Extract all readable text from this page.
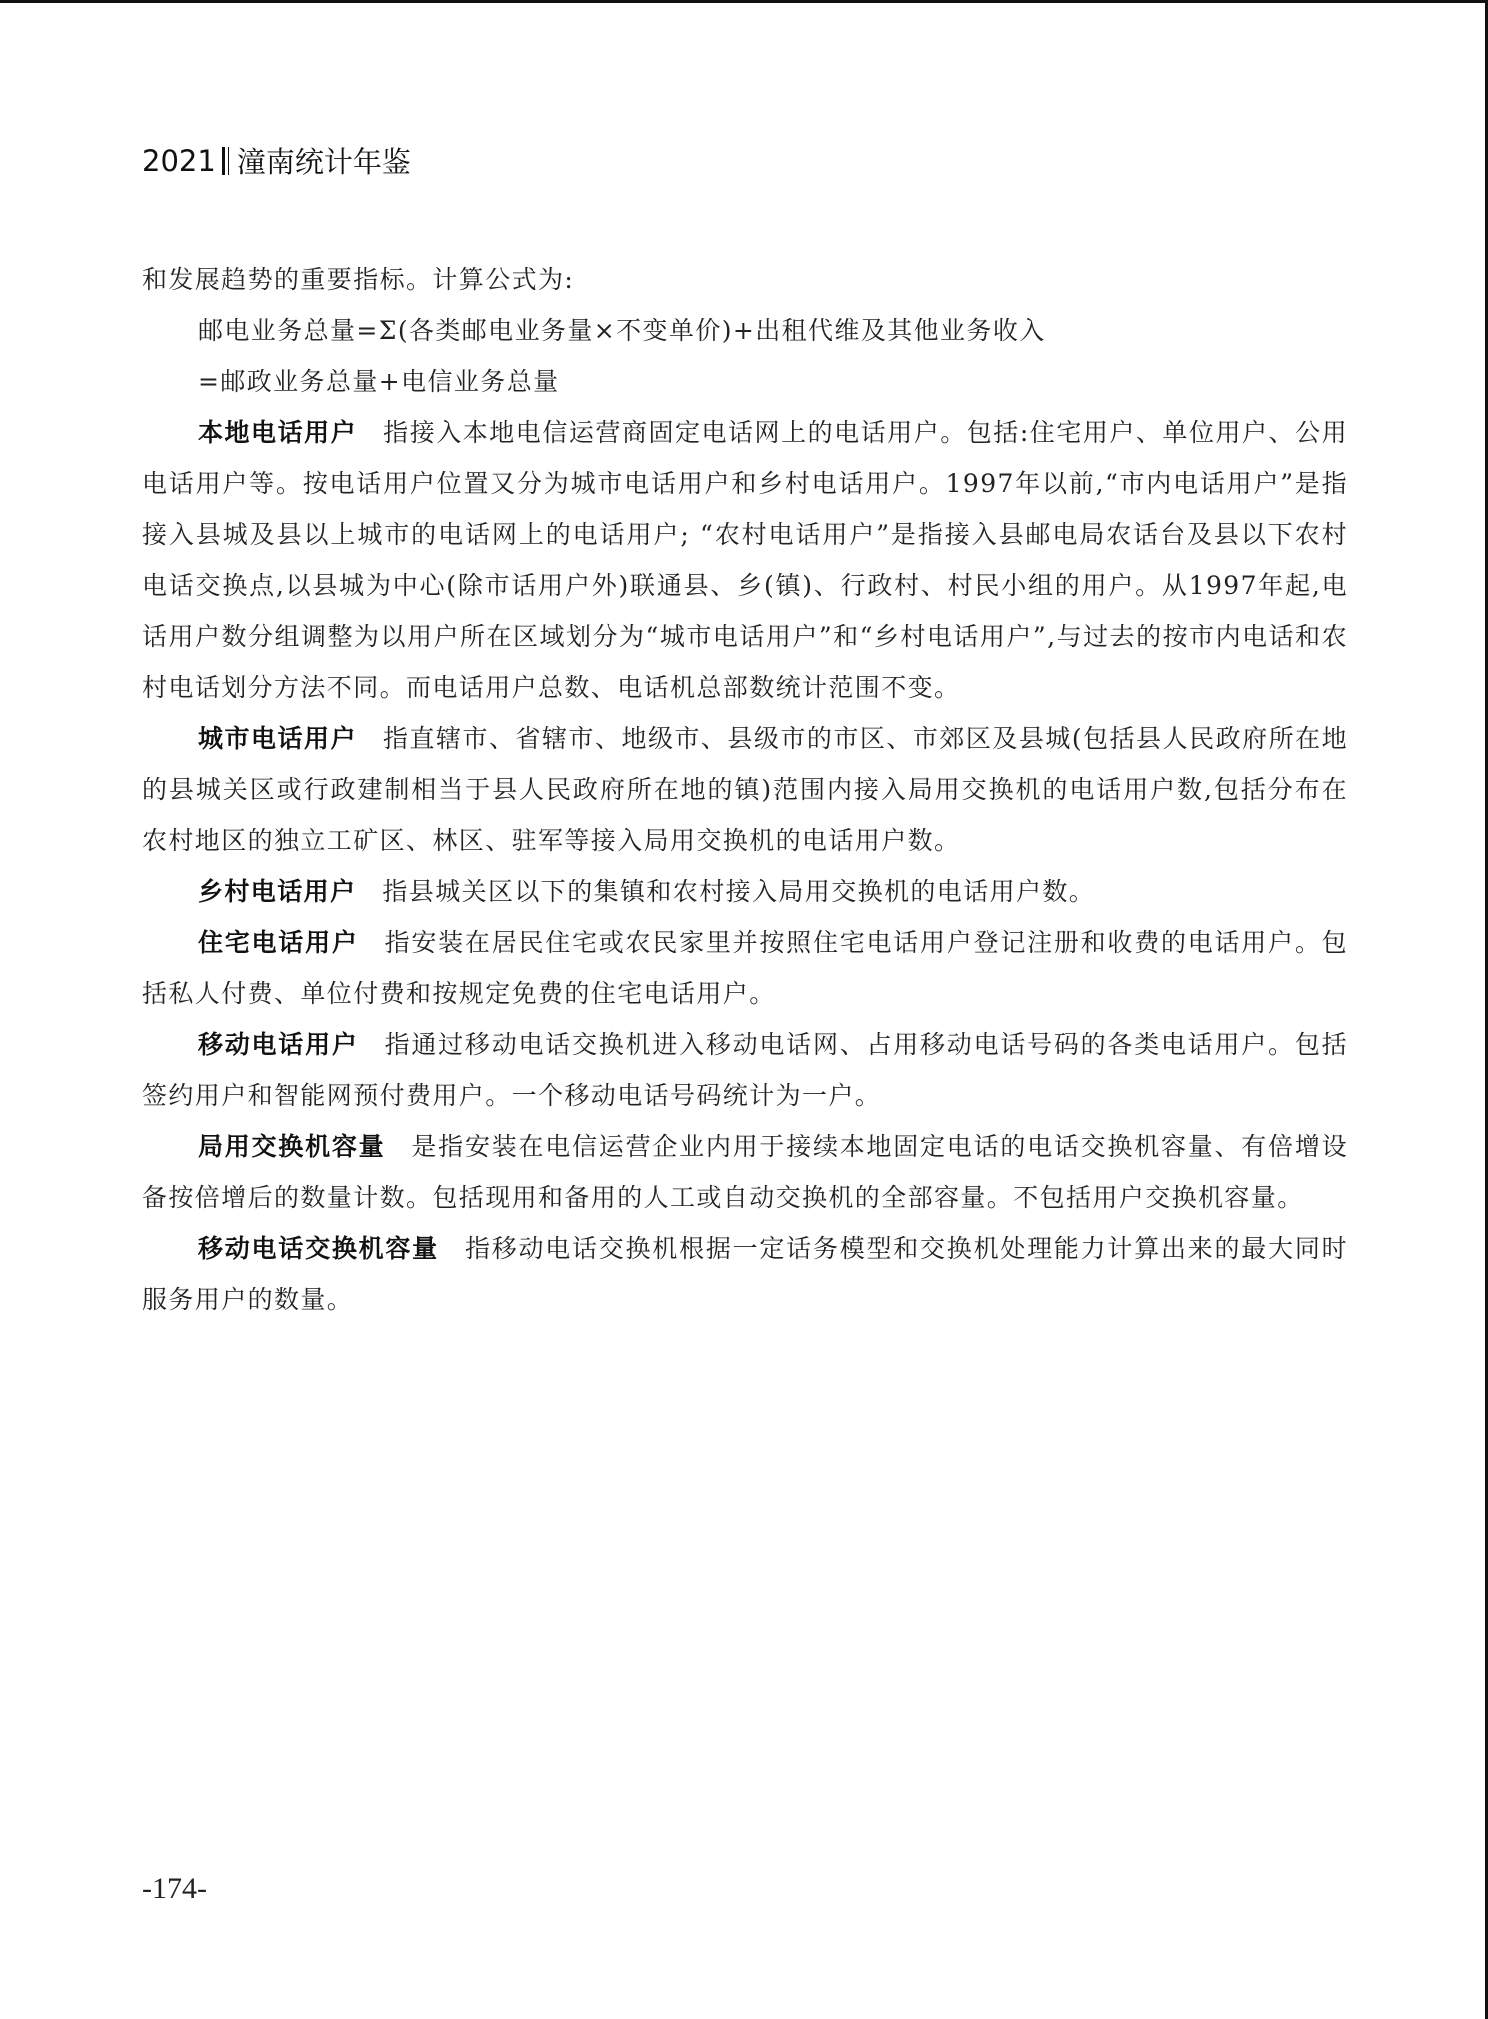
2021 潼南统计年鉴

和发展趋势的重要指标。计算公式为:

邮电业务总量=Σ(各类邮电业务量×不变单价)+出租代维及其他业务收入

=邮政业务总量+电信业务总量

本地电话用户 指接入本地电信运营商固定电话网上的电话用户。包括:住宅用户、单位用户、公用电话用户等。按电话用户位置又分为城市电话用户和乡村电话用户。1997年以前,“市内电话用户”是指接入县城及县以上城市的电话网上的电话用户; “农村电话用户”是指接入县邮电局农话台及县以下农村电话交换点,以县城为中心(除市话用户外)联通县、乡(镇)、行政村、村民小组的用户。从1997年起,电话用户数分组调整为以用户所在区域划分为“城市电话用户”和“乡村电话用户”,与过去的按市内电话和农村电话划分方法不同。而电话用户总数、电话机总部数统计范围不变。

城市电话用户 指直辖市、省辖市、地级市、县级市的市区、市郊区及县城(包括县人民政府所在地的县城关区或行政建制相当于县人民政府所在地的镇)范围内接入局用交换机的电话用户数,包括分布在农村地区的独立工矿区、林区、驻军等接入局用交换机的电话用户数。

乡村电话用户 指县城关区以下的集镇和农村接入局用交换机的电话用户数。

住宅电话用户 指安装在居民住宅或农民家里并按照住宅电话用户登记注册和收费的电话用户。包括私人付费、单位付费和按规定免费的住宅电话用户。

移动电话用户 指通过移动电话交换机进入移动电话网、占用移动电话号码的各类电话用户。包括签约用户和智能网预付费用户。一个移动电话号码统计为一户。

局用交换机容量 是指安装在电信运营企业内用于接续本地固定电话的电话交换机容量、有倍增设备按倍增后的数量计数。包括现用和备用的人工或自动交换机的全部容量。不包括用户交换机容量。

移动电话交换机容量 指移动电话交换机根据一定话务模型和交换机处理能力计算出来的最大同时服务用户的数量。

-174-
